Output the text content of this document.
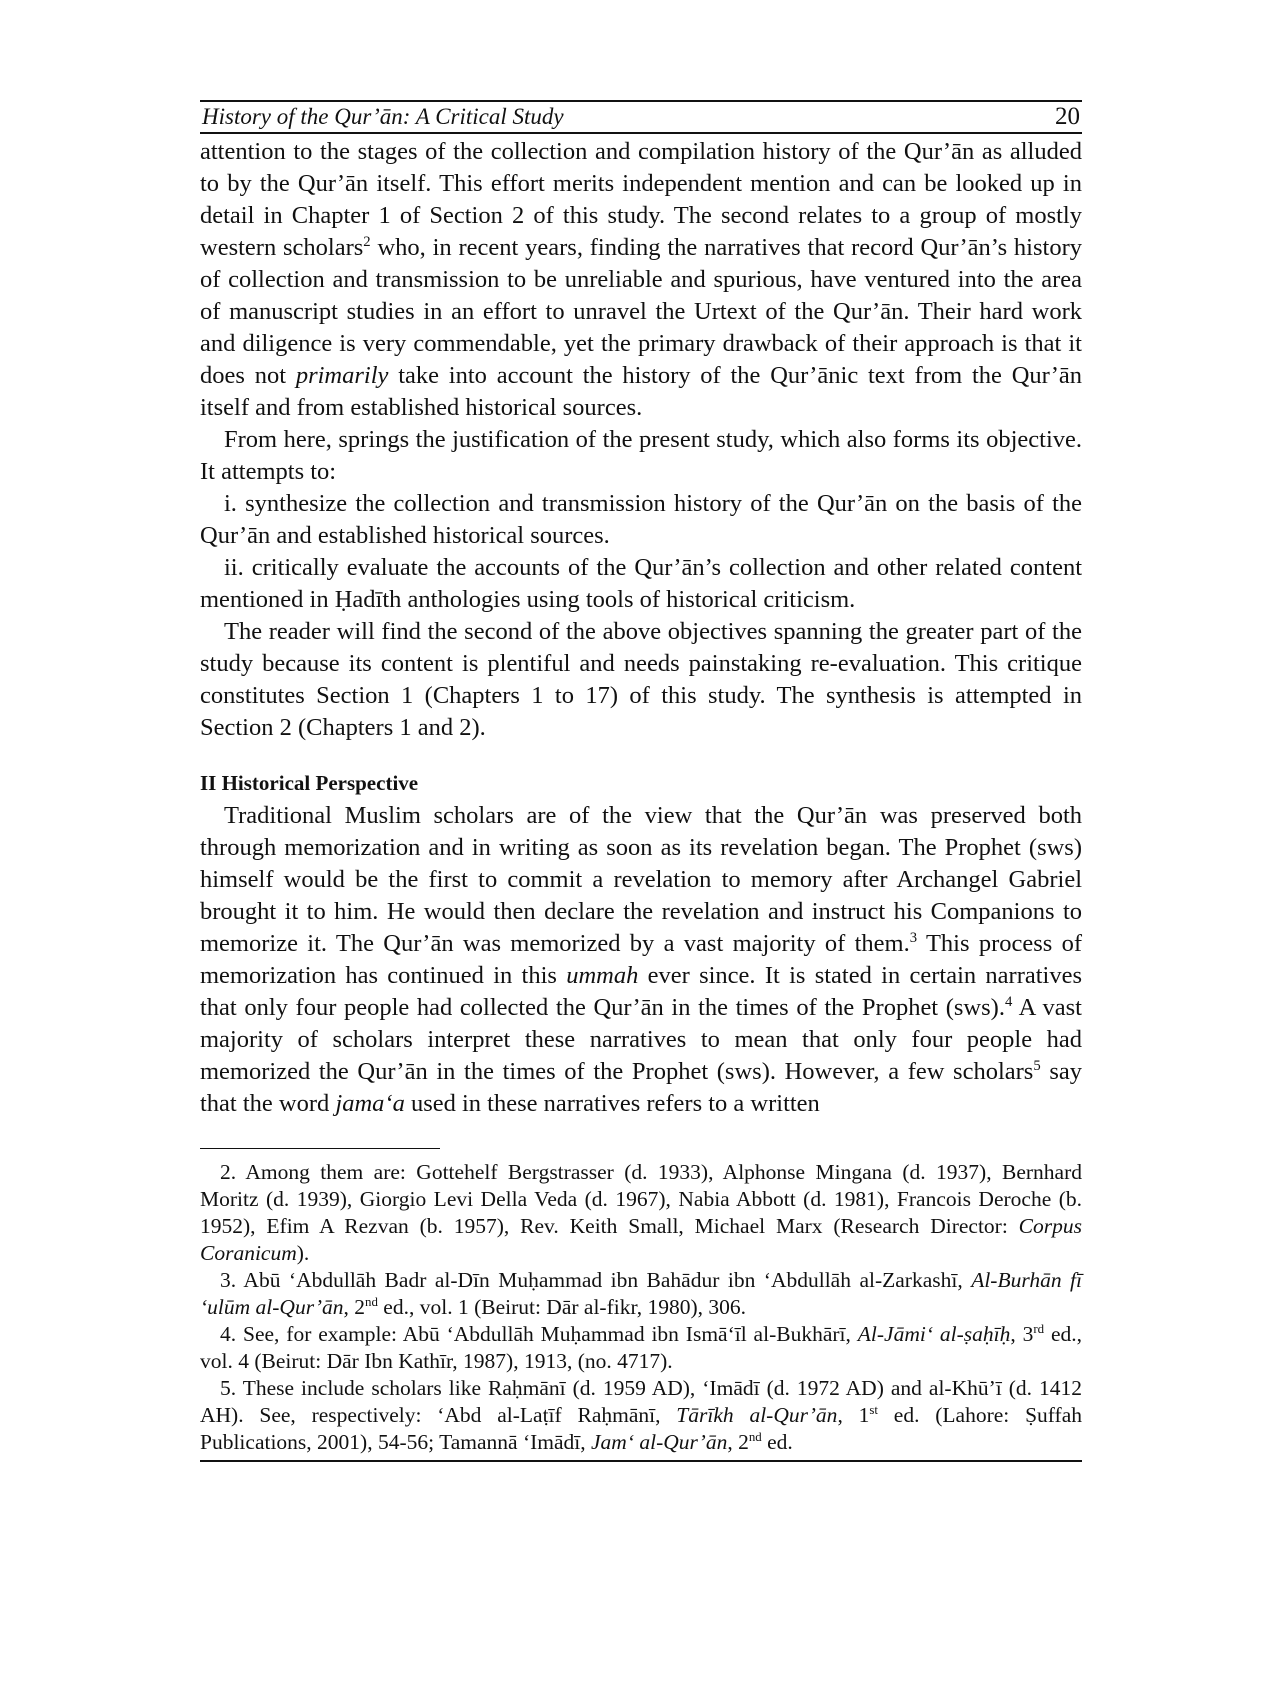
History of the Qur’ān: A Critical Study	20

attention to the stages of the collection and compilation history of the Qur’ān as alluded to by the Qur’ān itself. This effort merits independent mention and can be looked up in detail in Chapter 1 of Section 2 of this study. The second relates to a group of mostly western scholars$^2$ who, in recent years, finding the narratives that record Qur’ān’s history of collection and transmission to be unreliable and spurious, have ventured into the area of manuscript studies in an effort to unravel the Urtext of the Qur’ān. Their hard work and diligence is very commendable, yet the primary drawback of their approach is that it does not primarily take into account the history of the Qur’ānic text from the Qur’ān itself and from established historical sources.

From here, springs the justification of the present study, which also forms its objective. It attempts to:

i. synthesize the collection and transmission history of the Qur’ān on the basis of the Qur’ān and established historical sources.

ii. critically evaluate the accounts of the Qur’ān’s collection and other related content mentioned in Ḥadīth anthologies using tools of historical criticism.

The reader will find the second of the above objectives spanning the greater part of the study because its content is plentiful and needs painstaking re-evaluation. This critique constitutes Section 1 (Chapters 1 to 17) of this study. The synthesis is attempted in Section 2 (Chapters 1 and 2).

II Historical Perspective

Traditional Muslim scholars are of the view that the Qur’ān was preserved both through memorization and in writing as soon as its revelation began. The Prophet (sws) himself would be the first to commit a revelation to memory after Archangel Gabriel brought it to him. He would then declare the revelation and instruct his Companions to memorize it. The Qur’ān was memorized by a vast majority of them.$^3$ This process of memorization has continued in this ummah ever since. It is stated in certain narratives that only four people had collected the Qur’ān in the times of the Prophet (sws).$^4$ A vast majority of scholars interpret these narratives to mean that only four people had memorized the Qur’ān in the times of the Prophet (sws). However, a few scholars$^5$ say that the word jama‘a used in these narratives refers to a written

2. Among them are: Gottehelf Bergstrasser (d. 1933), Alphonse Mingana (d. 1937), Bernhard Moritz (d. 1939), Giorgio Levi Della Veda (d. 1967), Nabia Abbott (d. 1981), Francois Deroche (b. 1952), Efim A Rezvan (b. 1957), Rev. Keith Small, Michael Marx (Research Director: Corpus Coranicum).

3. Abū ‘Abdullāh Badr al-Dīn Muḥammad ibn Bahādur ibn ‘Abdullāh al-Zarkashī, Al-Burhān fī ‘ulūm al-Qur’ān, 2nd ed., vol. 1 (Beirut: Dār al-fikr, 1980), 306.

4. See, for example: Abū ‘Abdullāh Muḥammad ibn Ismā‘īl al-Bukhārī, Al-Jāmi‘ al-ṣaḥīḥ, 3rd ed., vol. 4 (Beirut: Dār Ibn Kathīr, 1987), 1913, (no. 4717).

5. These include scholars like Raḥmānī (d. 1959 AD), ‘Imādī (d. 1972 AD) and al-Khū’ī (d. 1412 AH). See, respectively: ‘Abd al-Laṭīf Raḥmānī, Tārīkh al-Qur’ān, 1st ed. (Lahore: Ṣuffah Publications, 2001), 54-56; Tamannā ‘Imādī, Jam‘ al-Qur’ān, 2nd ed.
